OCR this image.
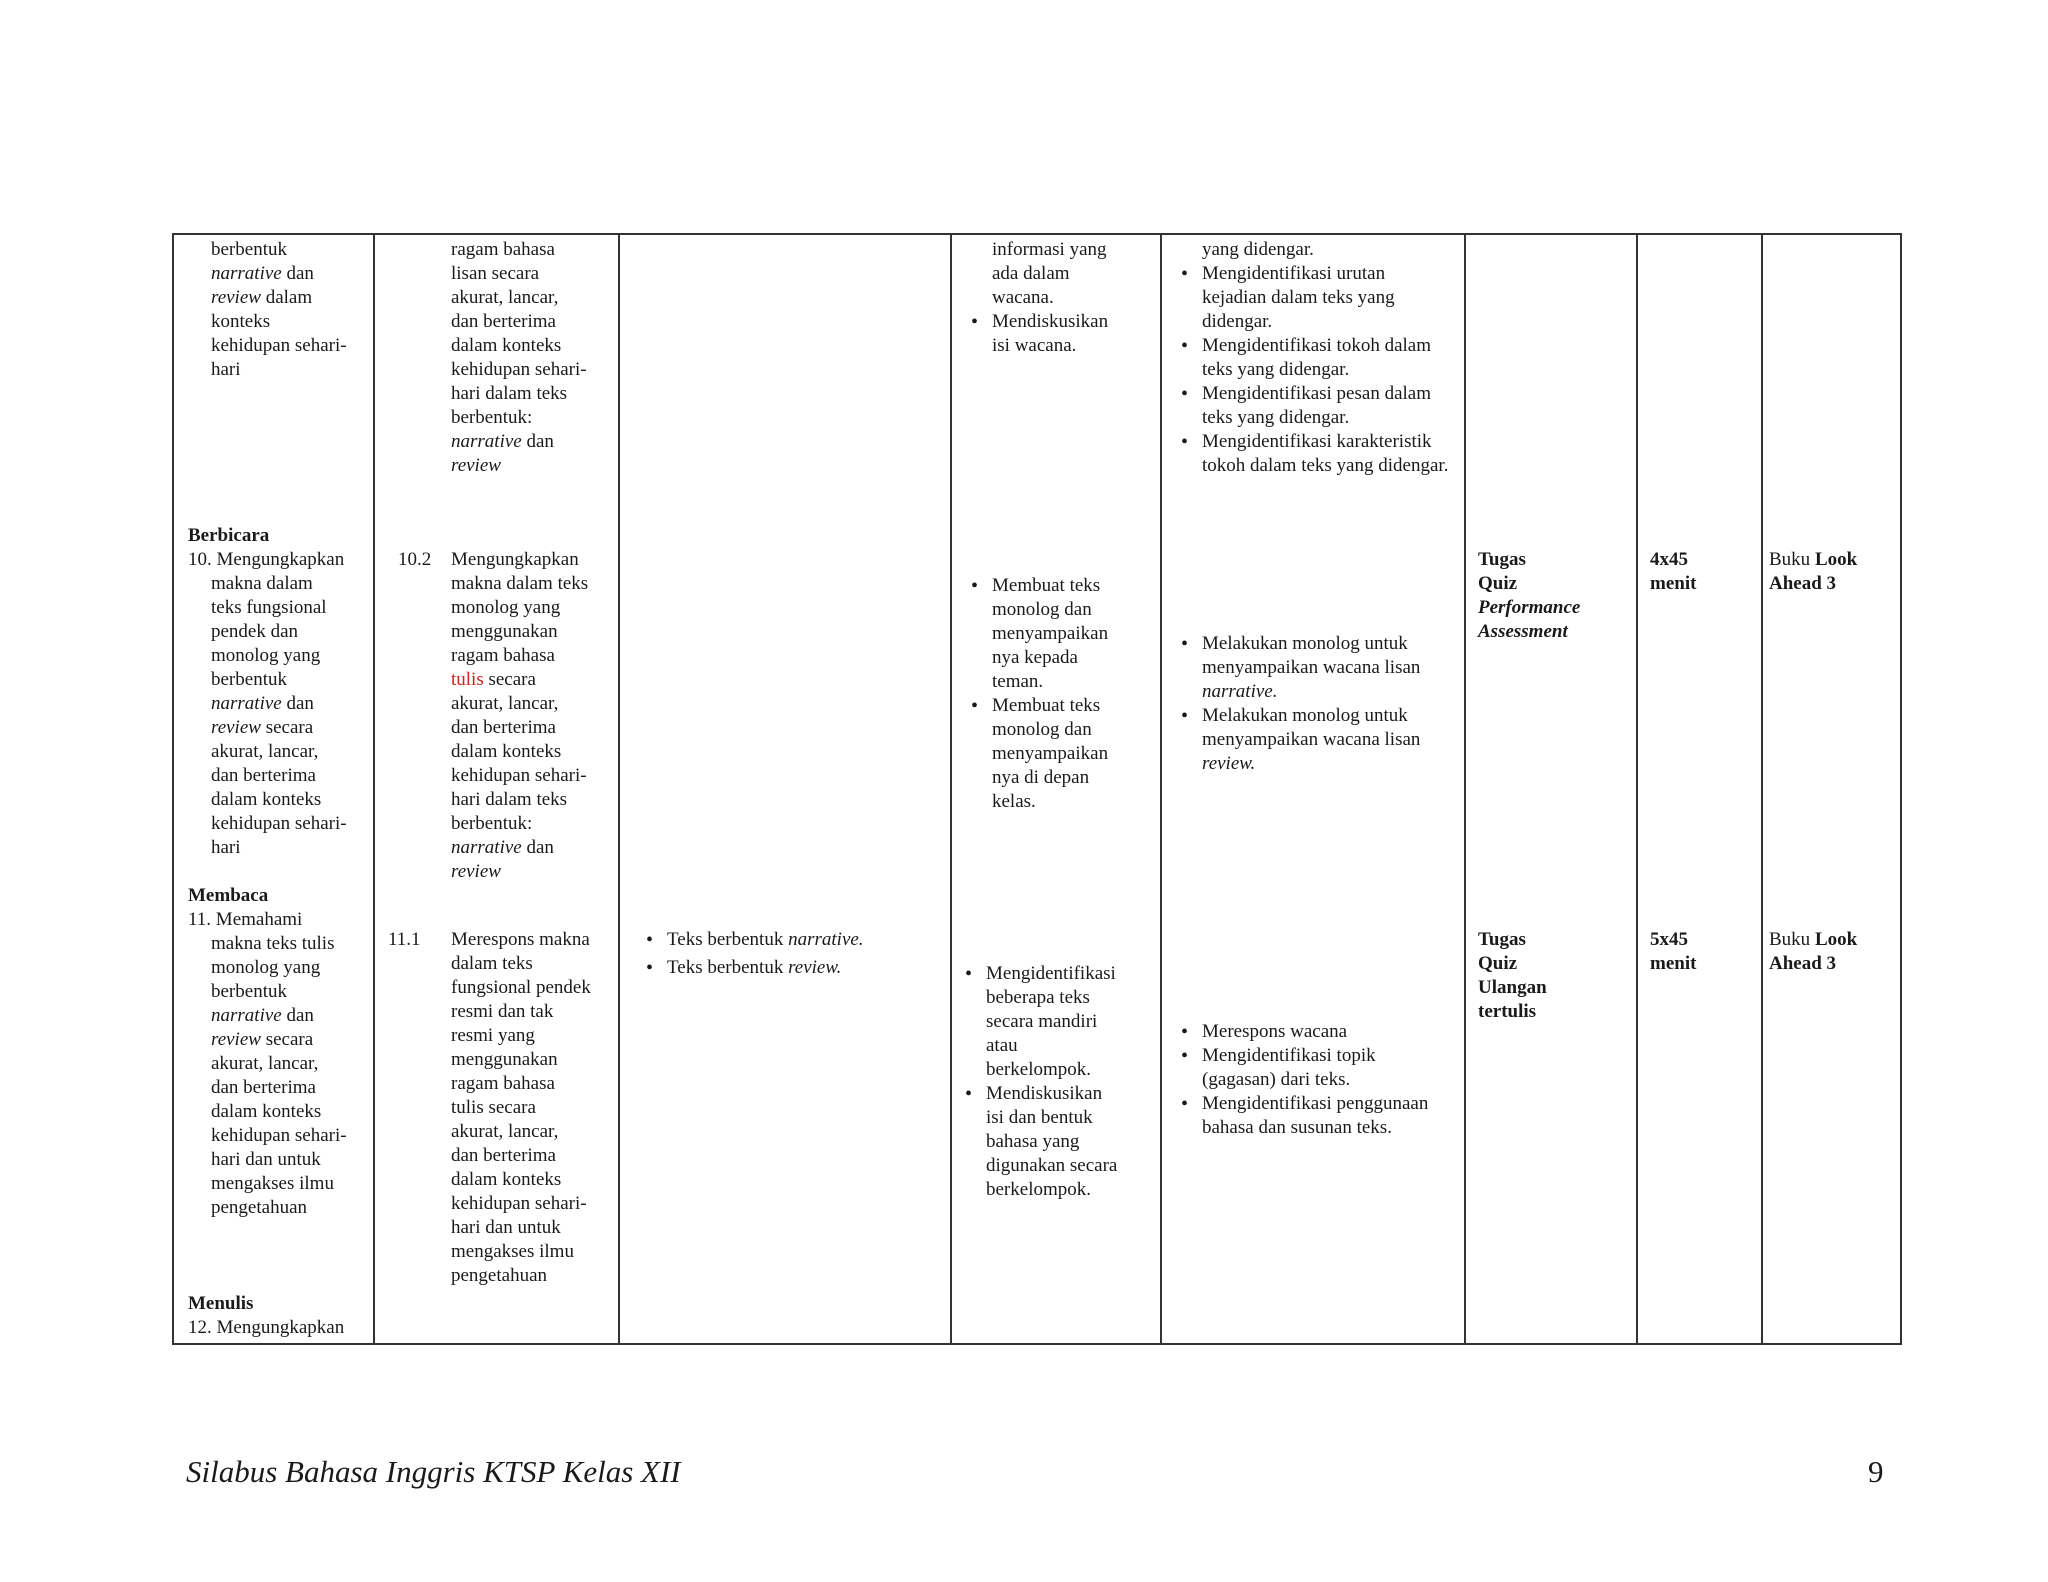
berbentuk

narrative dan

review dalam

konteks

kehidupan sehari-

hari

Berbicara

10. Mengungkapkan

makna dalam

teks fungsional

pendek dan

monolog yang

berbentuk

narrative dan

review secara

akurat, lancar,

dan berterima

dalam konteks

kehidupan sehari-

hari

Membaca

11. Memahami

makna teks tulis

monolog yang

berbentuk

narrative dan

review secara

akurat, lancar,

dan berterima

dalam konteks

kehidupan sehari-

hari dan untuk

mengakses ilmu

pengetahuan

Menulis

12. Mengungkapkan

ragam bahasa

lisan secara

akurat, lancar,

dan berterima

dalam konteks

kehidupan sehari-

hari dalam teks

berbentuk:

narrative dan

review

10.2 Mengungkapkan

makna dalam teks

monolog yang

menggunakan

ragam bahasa

tulis secara

akurat, lancar,

dan berterima

dalam konteks

kehidupan sehari-

hari dalam teks

berbentuk:

narrative dan

review

11.1 Merespons makna

dalam teks

fungsional pendek

resmi dan tak

resmi yang

menggunakan

ragam bahasa

tulis secara

akurat, lancar,

dan berterima

dalam konteks

kehidupan sehari-

hari dan untuk

mengakses ilmu

pengetahuan

• Teks berbentuk narrative.
• Teks berbentuk review.
informasi yang ada dalam wacana.
• Mendiskusikan isi wacana.
• Membuat teks monolog dan menyampaikan nya kepada teman.
• Membuat teks monolog dan menyampaikan nya di depan kelas.
• Mengidentifikasi beberapa teks secara mandiri atau berkelompok.
• Mendiskusikan isi dan bentuk bahasa yang digunakan secara berkelompok.

yang didengar.

• Mengidentifikasi urutan kejadian dalam teks yang didengar.
• Mengidentifikasi tokoh dalam teks yang didengar.
• Mengidentifikasi pesan dalam teks yang didengar.
• Mengidentifikasi karakteristik tokoh dalam teks yang didengar.
• Melakukan monolog untuk menyampaikan wacana lisan narrative.
• Melakukan monolog untuk menyampaikan wacana lisan review.
• Merespons wacana
• Mengidentifikasi topik (gagasan) dari teks.
• Mengidentifikasi penggunaan bahasa dan susunan teks.

Tugas

Quiz

Performance

Assessment

Tugas

Quiz

Ulangan

tertulis

4x45

menit

5x45

menit

Buku Look

Ahead 3

Buku Look

Ahead 3

Silabus Bahasa Inggris KTSP Kelas XII	9
